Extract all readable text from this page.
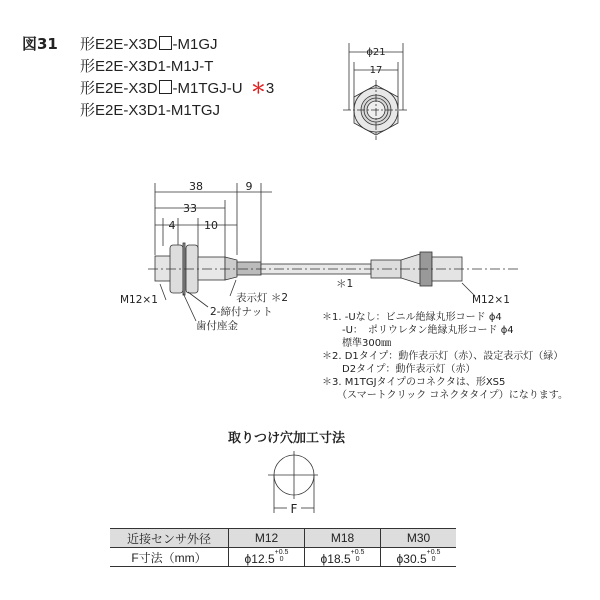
図31 形E2E-X3D -M1GJ
形E2E-X3D1-M1J-T
形E2E-X3D -M1TGJ-U ＊3
形E2E-X3D1-M1TGJ
ϕ21
17
38	9
33
4	10
F
M12×1	表示灯 ＊2
2-締付ナット
歯付座金
＊1
M12×1
＊1. -Uなし：ビニル絶縁丸形コード ϕ4
　　-U：　ポリウレタン絶縁丸形コード ϕ4
　　標準300㎜
＊2. D1タイプ：動作表示灯（赤）、設定表示灯（緑）
　　D2タイプ：動作表示灯（赤）
＊3. M1TGJタイプのコネクタは、形XS5
　　（スマートクリック コネクタタイプ）になります。
取りつけ穴加工寸法
近接センサ外径	M12	M18	M30
F寸法（mm）	$\phi 12.5^{+0.5 0}$	$\phi 18.5^{+0.5 0}$	$\phi 30.5^{+0.5 0}$
